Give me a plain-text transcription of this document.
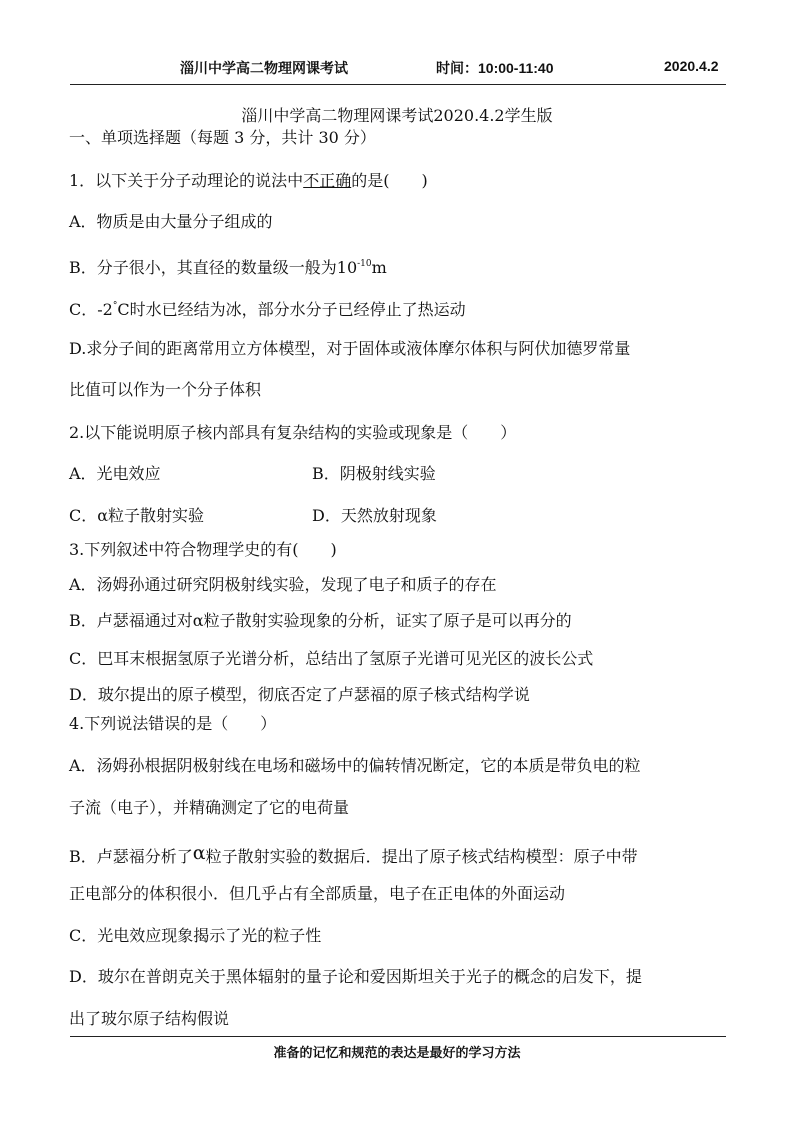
淄川中学高二物理网课考试	时间：10:00-11:40	2020.4.2
淄川中学高二物理网课考试2020.4.2学生版
一、单项选择题（每题 3 分，共计 30 分）
1．以下关于分子动理论的说法中不正确的是(　　)
A．物质是由大量分子组成的
B．分子很小，其直径的数量级一般为$10^{-10}m$
C．-2°C时水已经结为冰，部分水分子已经停止了热运动
D.求分子间的距离常用立方体模型，对于固体或液体摩尔体积与阿伏加德罗常量
比值可以作为一个分子体积
2.以下能说明原子核内部具有复杂结构的实验或现象是（　　）
A．光电效应	B．阴极射线实验
C．α粒子散射实验	D．天然放射现象
3.下列叙述中符合物理学史的有(　　)
A．汤姆孙通过研究阴极射线实验，发现了电子和质子的存在
B．卢瑟福通过对α粒子散射实验现象的分析，证实了原子是可以再分的
C．巴耳末根据氢原子光谱分析，总结出了氢原子光谱可见光区的波长公式
D．玻尔提出的原子模型，彻底否定了卢瑟福的原子核式结构学说
4.下列说法错误的是（　　）
A．汤姆孙根据阴极射线在电场和磁场中的偏转情况断定，它的本质是带负电的粒
子流（电子），并精确测定了它的电荷量
B．卢瑟福分析了α粒子散射实验的数据后．提出了原子核式结构模型：原子中带
正电部分的体积很小．但几乎占有全部质量，电子在正电体的外面运动
C．光电效应现象揭示了光的粒子性
D．玻尔在普朗克关于黑体辐射的量子论和爱因斯坦关于光子的概念的启发下，提
出了玻尔原子结构假说
准备的记忆和规范的表达是最好的学习方法
